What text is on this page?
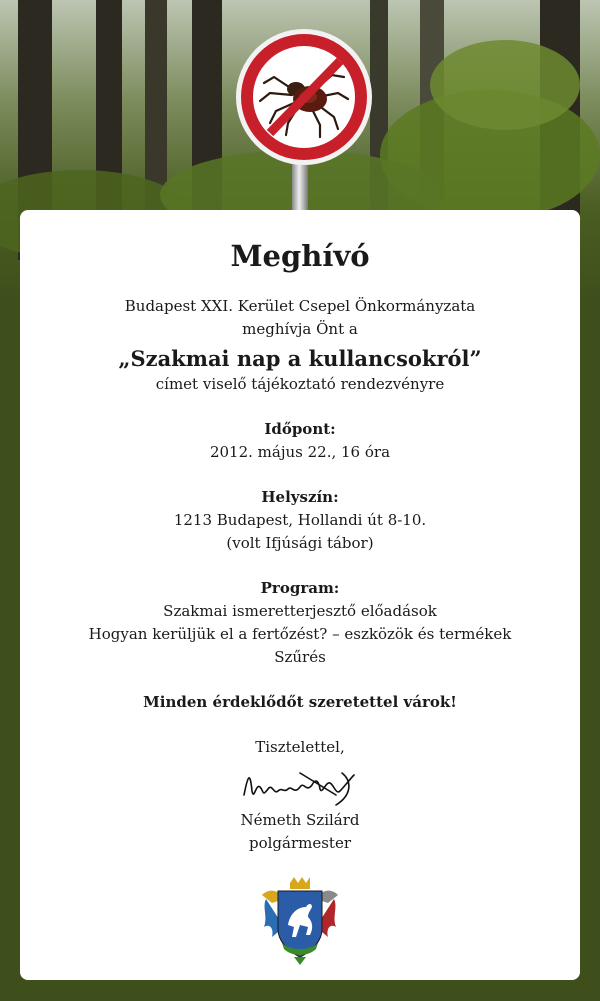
Meghívó

Budapest XXI. Kerület Csepel Önkormányzata

meghívja Önt a

„Szakmai nap a kullancsokról”

címet viselő tájékoztató rendezvényre

Időpont:

2012. május 22., 16 óra

Helyszín:

1213 Budapest, Hollandi út 8-10.

(volt Ifjúsági tábor)

Program:

Szakmai ismeretterjesztő előadások

Hogyan kerüljük el a fertőzést? – eszközök és termékek

Szűrés

Minden érdeklődőt szeretettel várok!

Tisztelettel,

Németh Szilárd

polgármester
